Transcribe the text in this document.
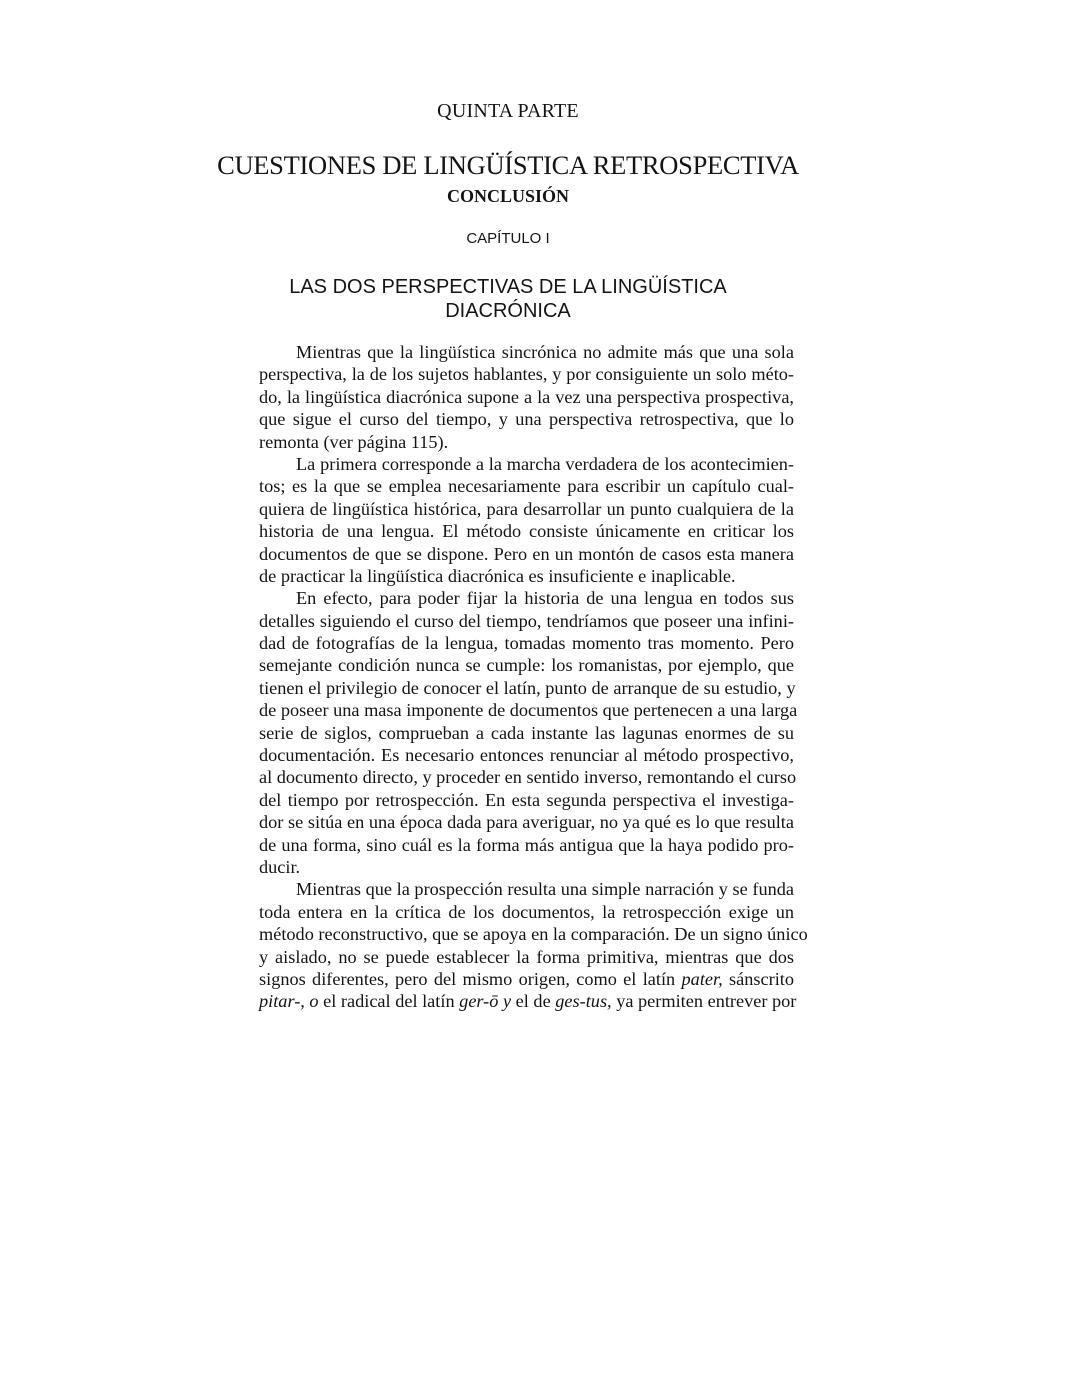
QUINTA PARTE
CUESTIONES DE LINGÜÍSTICA RETROSPECTIVA
CONCLUSIÓN
CAPÍTULO I
LAS DOS PERSPECTIVAS DE LA LINGÜÍSTICA
DIACRÓNICA
Mientras que la lingüística sincrónica no admite más que una sola
perspectiva, la de los sujetos hablantes, y por consiguiente un solo méto-
do, la lingüística diacrónica supone a la vez una perspectiva prospectiva,
que sigue el curso del tiempo, y una perspectiva retrospectiva, que lo
remonta (ver página 115).
La primera corresponde a la marcha verdadera de los acontecimien-
tos; es la que se emplea necesariamente para escribir un capítulo cual-
quiera de lingüística histórica, para desarrollar un punto cualquiera de la
historia de una lengua. El método consiste únicamente en criticar los
documentos de que se dispone. Pero en un montón de casos esta manera
de practicar la lingüística diacrónica es insuficiente e inaplicable.
En efecto, para poder fijar la historia de una lengua en todos sus
detalles siguiendo el curso del tiempo, tendríamos que poseer una infini-
dad de fotografías de la lengua, tomadas momento tras momento. Pero
semejante condición nunca se cumple: los romanistas, por ejemplo, que
tienen el privilegio de conocer el latín, punto de arranque de su estudio, y
de poseer una masa imponente de documentos que pertenecen a una larga
serie de siglos, comprueban a cada instante las lagunas enormes de su
documentación. Es necesario entonces renunciar al método prospectivo,
al documento directo, y proceder en sentido inverso, remontando el curso
del tiempo por retrospección. En esta segunda perspectiva el investiga-
dor se sitúa en una época dada para averiguar, no ya qué es lo que resulta
de una forma, sino cuál es la forma más antigua que la haya podido pro-
ducir.
Mientras que la prospección resulta una simple narración y se funda
toda entera en la crítica de los documentos, la retrospección exige un
método reconstructivo, que se apoya en la comparación. De un signo único
y aislado, no se puede establecer la forma primitiva, mientras que dos
signos diferentes, pero del mismo origen, como el latín pater, sánscrito
pitar-, o el radical del latín ger-ō y el de ges-tus, ya permiten entrever por
